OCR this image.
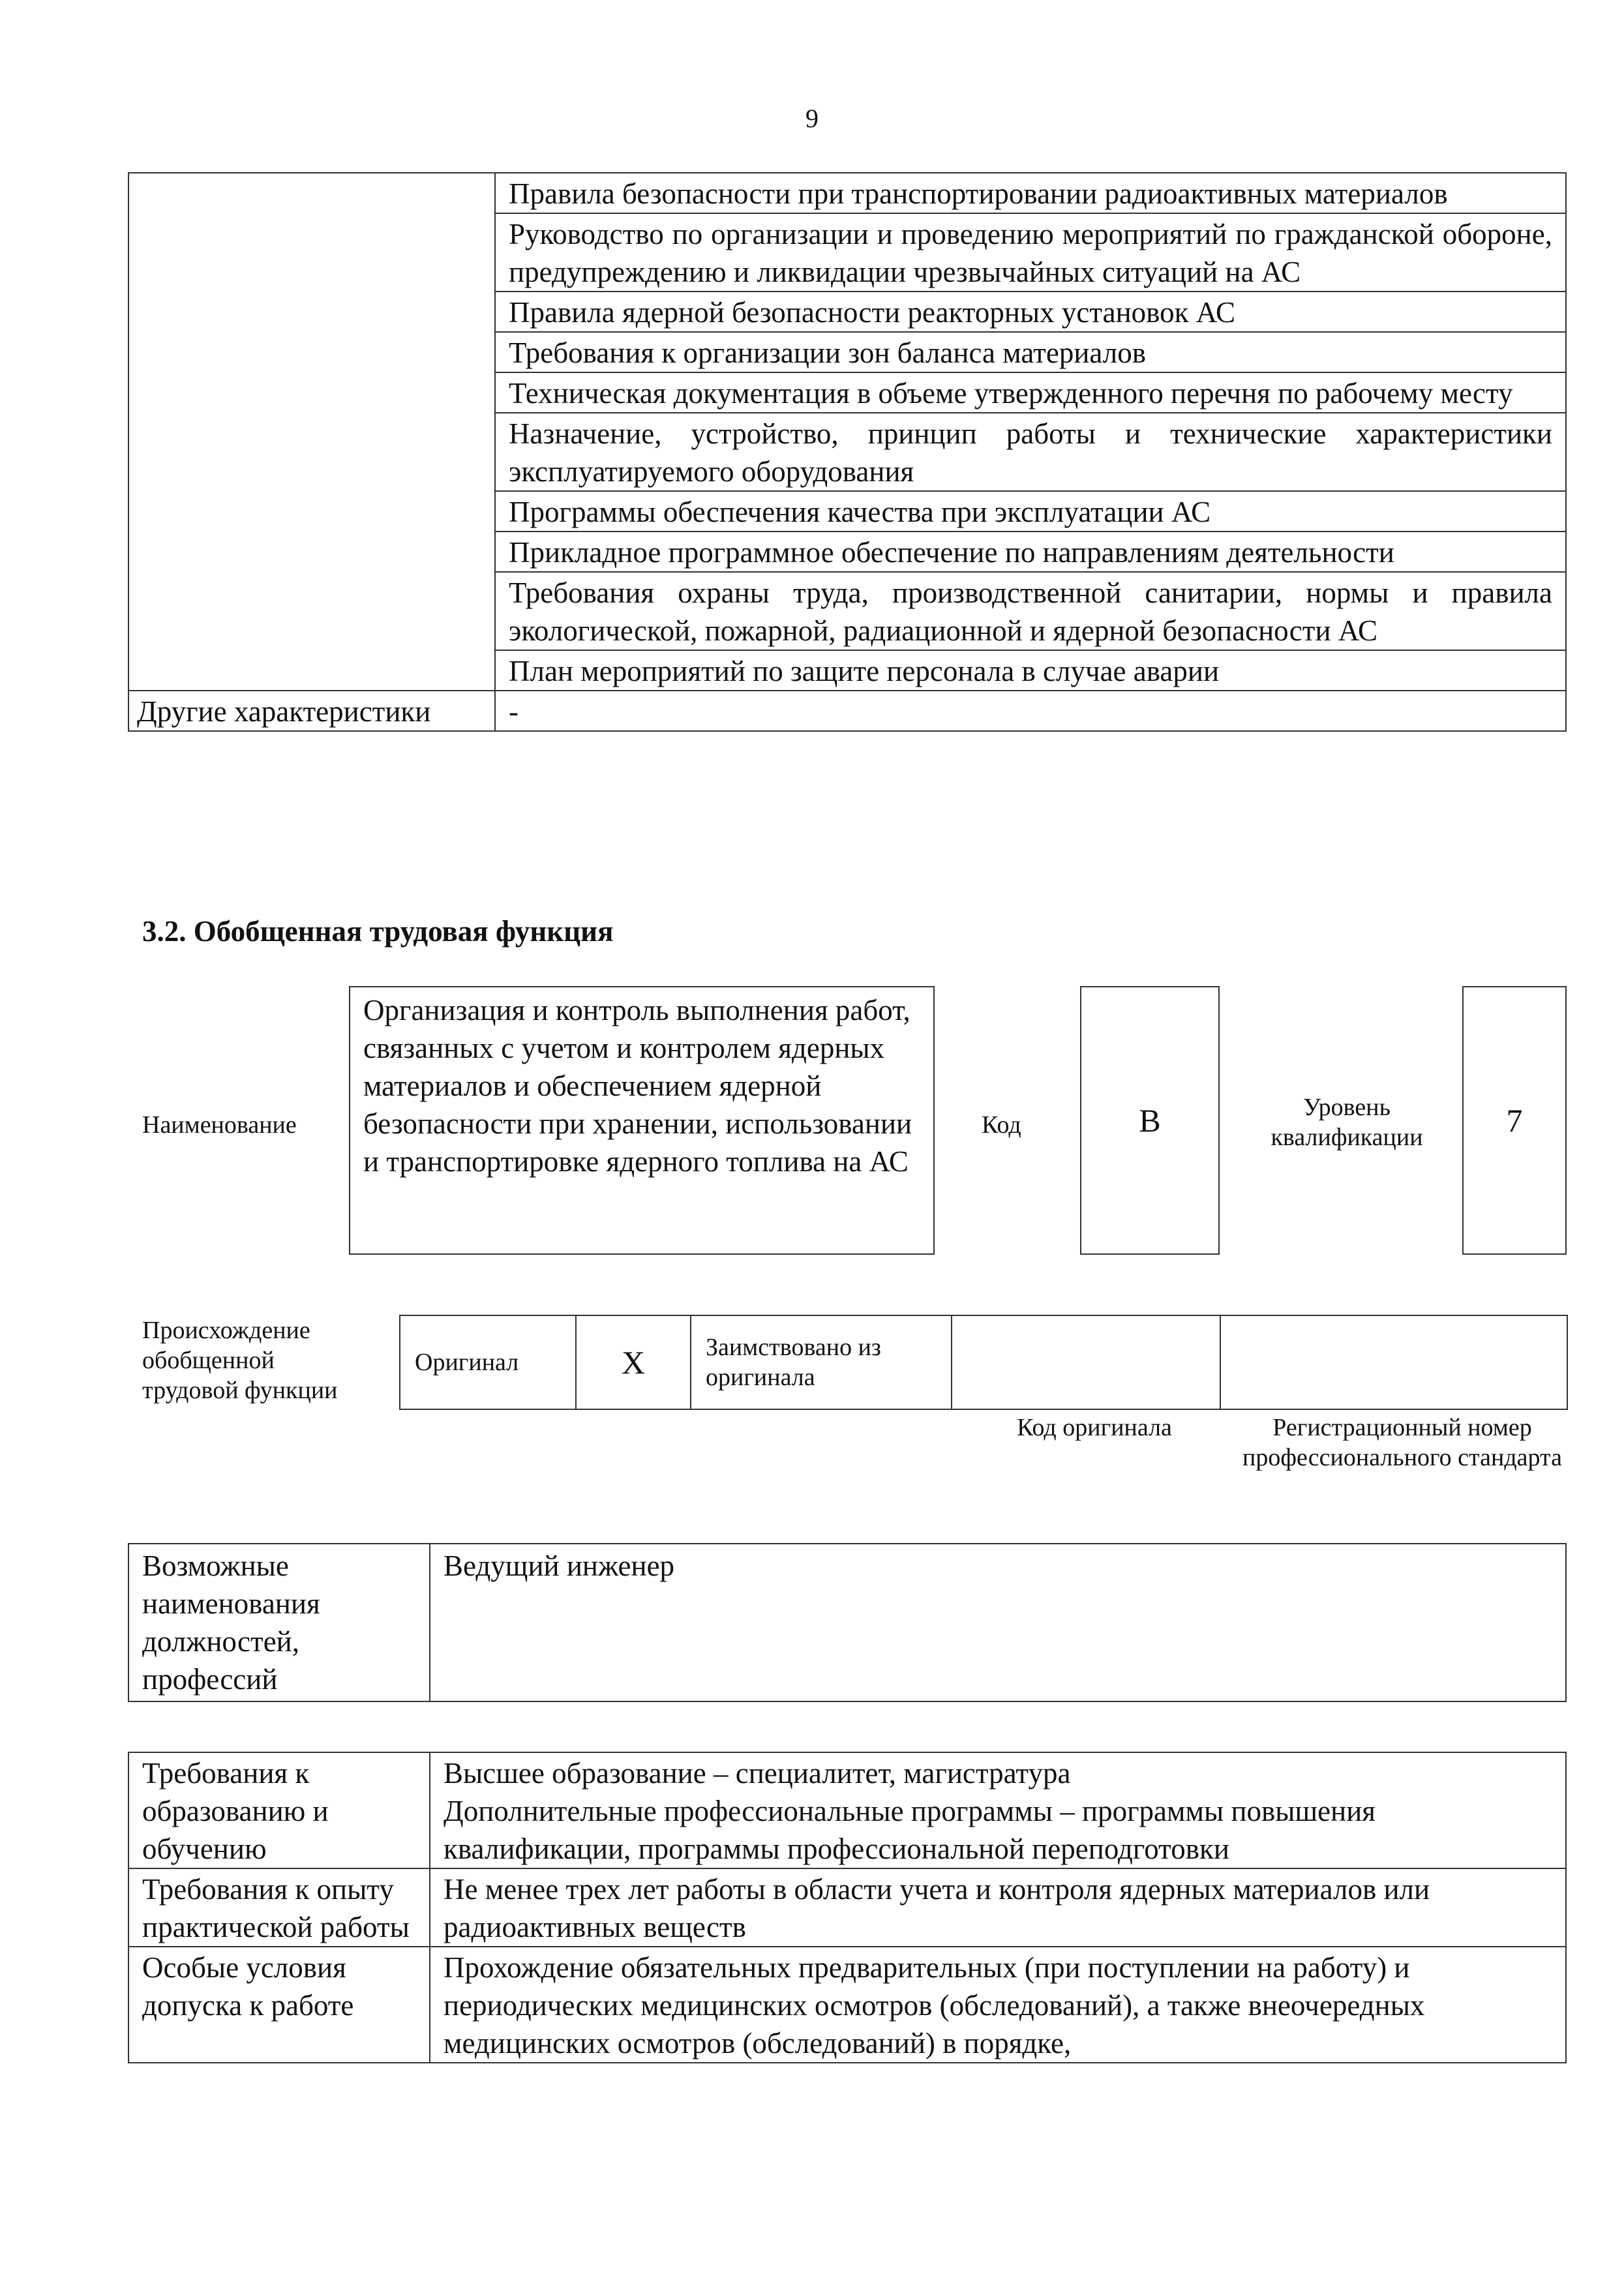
9
	Правила безопасности при транспортировании радиоактивных материалов
	Руководство по организации и проведению мероприятий по гражданской обороне, предупреждению и ликвидации чрезвычайных ситуаций на АС
	Правила ядерной безопасности реакторных установок АС
	Требования к организации зон баланса материалов
	Техническая документация в объеме утвержденного перечня по рабочему месту
	Назначение, устройство, принцип работы и технические характеристики эксплуатируемого оборудования
	Программы обеспечения качества при эксплуатации АС
	Прикладное программное обеспечение по направлениям деятельности
	Требования охраны труда, производственной санитарии, нормы и правила экологической, пожарной, радиационной и ядерной безопасности АС
	План мероприятий по защите персонала в случае аварии
Другие характеристики	-
3.2. Обобщенная трудовая функция
Наименование
Организация и контроль выполнения работ, связанных с учетом и контролем ядерных материалов и обеспечением ядерной безопасности при хранении, использовании и транспортировке ядерного топлива на АС
Код	B	Уровень квалификации	7
Происхождение обобщенной трудовой функции
Оригинал	X	Заимствовано из оригинала		
Код оригинала	Регистрационный номер профессионального стандарта
Возможные наименования должностей, профессий	Ведущий инженер
Требования к образованию и обучению	Высшее образование – специалитет, магистратура
Дополнительные профессиональные программы – программы повышения квалификации, программы профессиональной переподготовки

Требования к опыту практической работы	Не менее трех лет работы в области учета и контроля ядерных материалов или радиоактивных веществ

Особые условия допуска к работе	Прохождение обязательных предварительных (при поступлении на работу) и периодических медицинских осмотров (обследований), а также внеочередных медицинских осмотров (обследований) в порядке,
